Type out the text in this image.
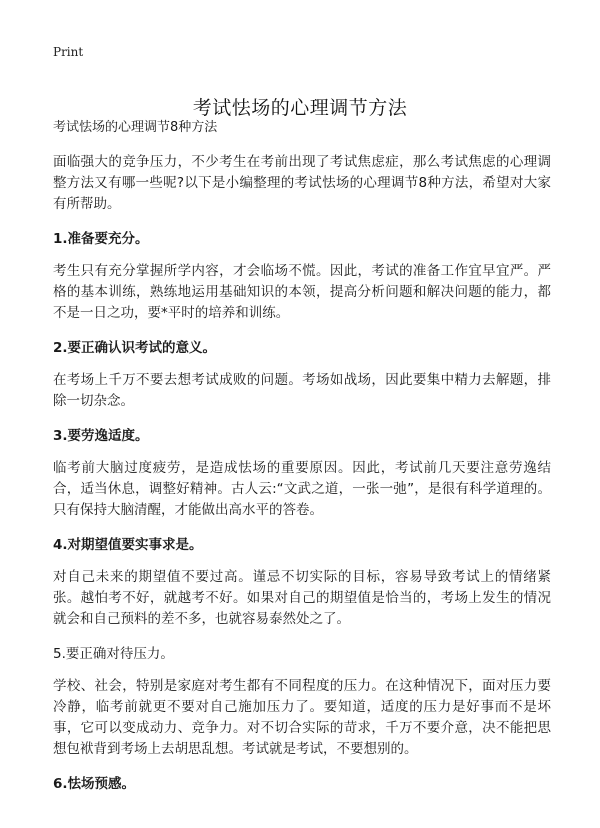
Print
考试怯场的心理调节方法
考试怯场的心理调节8种方法

面临强大的竞争压力，不少考生在考前出现了考试焦虑症，那么考试焦虑的心理调整方法又有哪一些呢?以下是小编整理的考试怯场的心理调节8种方法，希望对大家有所帮助。

1.准备要充分。

考生只有充分掌握所学内容，才会临场不慌。因此，考试的准备工作宜早宜严。严格的基本训练，熟练地运用基础知识的本领，提高分析问题和解决问题的能力，都不是一日之功，要*平时的培养和训练。

2.要正确认识考试的意义。

在考场上千万不要去想考试成败的问题。考场如战场，因此要集中精力去解题，排除一切杂念。

3.要劳逸适度。

临考前大脑过度疲劳，是造成怯场的重要原因。因此，考试前几天要注意劳逸结合，适当休息，调整好精神。古人云:“文武之道，一张一弛”，是很有科学道理的。只有保持大脑清醒，才能做出高水平的答卷。

4.对期望值要实事求是。

对自己未来的期望值不要过高。谨忌不切实际的目标，容易导致考试上的情绪紧张。越怕考不好，就越考不好。如果对自己的期望值是恰当的，考场上发生的情况就会和自己预料的差不多，也就容易泰然处之了。

5.要正确对待压力。

学校、社会，特别是家庭对考生都有不同程度的压力。在这种情况下，面对压力要冷静，临考前就更不要对自己施加压力了。要知道，适度的压力是好事而不是坏事，它可以变成动力、竞争力。对不切合实际的苛求，千万不要介意，决不能把思想包袱背到考场上去胡思乱想。考试就是考试，不要想别的。

6.怯场预感。
